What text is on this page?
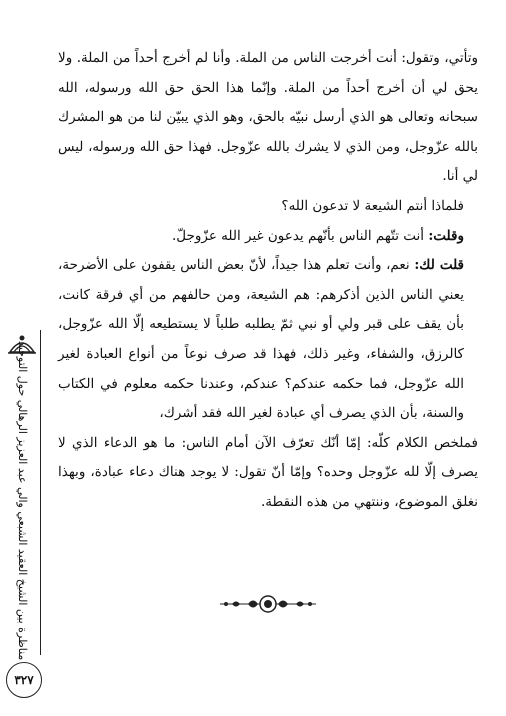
مناظرة بين الشيخ العقيد الشبعي والي عبد العزيز الرهالي حول التوحيد
٣٢٧

وتأتي، وتقول: أنت أخرجت الناس من الملة. وأنا لم أخرج أحداً من الملة. ولا يحق لي أن أخرج أحداً من الملة. وإنّما هذا الحق حق الله ورسوله، الله سبحانه وتعالى هو الذي أرسل نبيّه بالحق، وهو الذي يبيّن لنا من هو المشرك بالله عزّوجل، ومن الذي لا يشرك بالله عزّوجل. فهذا حق الله ورسوله، ليس لي أنا.

فلماذا أنتم الشيعة لا تدعون الله؟

وقلت: أنت تتّهم الناس بأنّهم يدعون غير الله عزّوجلّ.

قلت لك: نعم، وأنت تعلم هذا جيداً، لأنّ بعض الناس يقفون على الأضرحة، يعني الناس الذين أذكرهم: هم الشيعة، ومن حالفهم من أي فرقة كانت، بأن يقف على قبر ولي أو نبي ثمّ يطلبه طلباً لا يستطيعه إلّا الله عزّوجل، كالرزق، والشفاء، وغير ذلك، فهذا قد صرف نوعاً من أنواع العبادة لغير الله عزّوجل، فما حكمه عندكم؟ عندكم، وعندنا حكمه معلوم في الكتاب والسنة، بأن الذي يصرف أي عبادة لغير الله فقد أشرك،

فملخص الكلام كلّه: إمّا أنّك تعرّف الآن أمام الناس: ما هو الدعاء الذي لا يصرف إلّا لله عزّوجل وحده؟ وإمّا أنّ تقول: لا يوجد هناك دعاء عبادة، وبهذا نغلق الموضوع، وننتهي من هذه النقطة.
